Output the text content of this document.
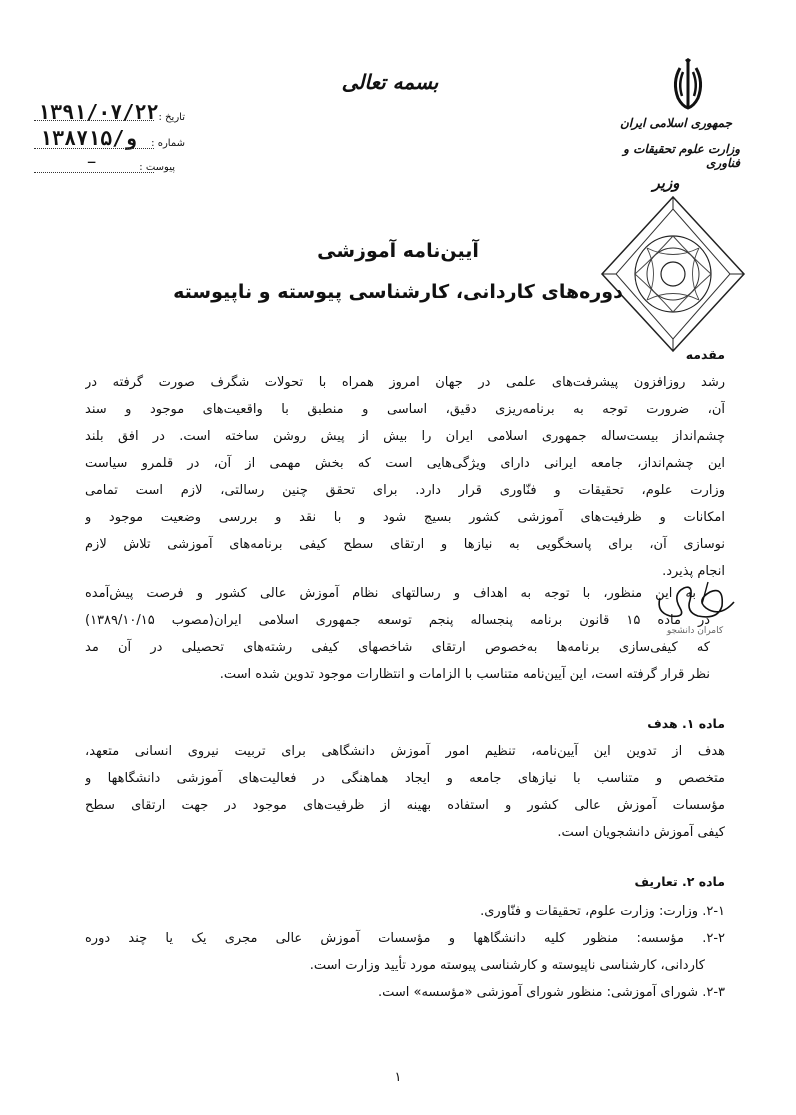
جمهوری اسلامی ایران
وزارت علوم تحقیقات و فناوری
وزیر
بسمه تعالی
۱۳۹۱/۰۷/۲۲ تاریخ :
۱۳۸۷۱۵/و	شماره :
ـ
پیوست :
آیین‌نامه آموزشی
دوره‌های کاردانی، کارشناسی پیوسته و ناپیوسته
مقدمه
رشد روزافزون پیشرفت‌های علمی در جهان امروز همراه با تحولات شگرف صورت گرفته در
آن، ضرورت توجه به برنامه‌ریزی دقیق، اساسی و منطبق با واقعیت‌های موجود و سند
چشم‌انداز بیست‌ساله جمهوری اسلامی ایران را بیش از پیش روشن ساخته است. در افق بلند
این چشم‌انداز، جامعه ایرانی دارای ویژگی‌هایی است که بخش مهمی از آن، در قلمرو سیاست
وزارت علوم، تحقیقات و فنّاوری قرار دارد. برای تحقق چنین رسالتی، لازم است تمامی
امکانات و ظرفیت‌های آموزشی کشور بسیج شود و با نقد و بررسی وضعیت موجود و
نوسازی آن، برای پاسخگویی به نیازها و ارتقای سطح کیفی برنامه‌های آموزشی تلاش لازم
انجام پذیرد.
به این منظور، با توجه به اهداف و رسالتهای نظام آموزش عالی کشور و فرصت پیش‌آمده
در ماده ۱۵ قانون برنامه پنجساله پنجم توسعه جمهوری اسلامی ایران(مصوب ۱۳۸۹/۱۰/۱۵)
که کیفی‌سازی برنامه‌ها به‌خصوص ارتقای شاخصهای کیفی رشته‌های تحصیلی در آن مد
نظر قرار گرفته است، این آیین‌نامه متناسب با الزامات و انتظارات موجود تدوین شده است.
کامران دانشجو
ماده ۱. هدف
هدف از تدوین این آیین‌نامه، تنظیم امور آموزش دانشگاهی برای تربیت نیروی انسانی متعهد،
متخصص و متناسب با نیازهای جامعه و ایجاد هماهنگی در فعالیت‌های آموزشی دانشگاهها و
مؤسسات آموزش عالی کشور و استفاده بهینه از ظرفیت‌های موجود در جهت ارتقای سطح
کیفی آموزش دانشجویان است.
ماده ۲. تعاریف
۲-۱. وزارت: وزارت علوم، تحقیقات و فنّاوری.
۲-۲. مؤسسه: منظور کلیه دانشگاهها و مؤسسات آموزش عالی مجری یک یا چند دوره
کاردانی، کارشناسی ناپیوسته و کارشناسی پیوسته مورد تأیید وزارت است.
۲-۳. شورای آموزشی: منظور شورای آموزشی «مؤسسه» است.
۱
